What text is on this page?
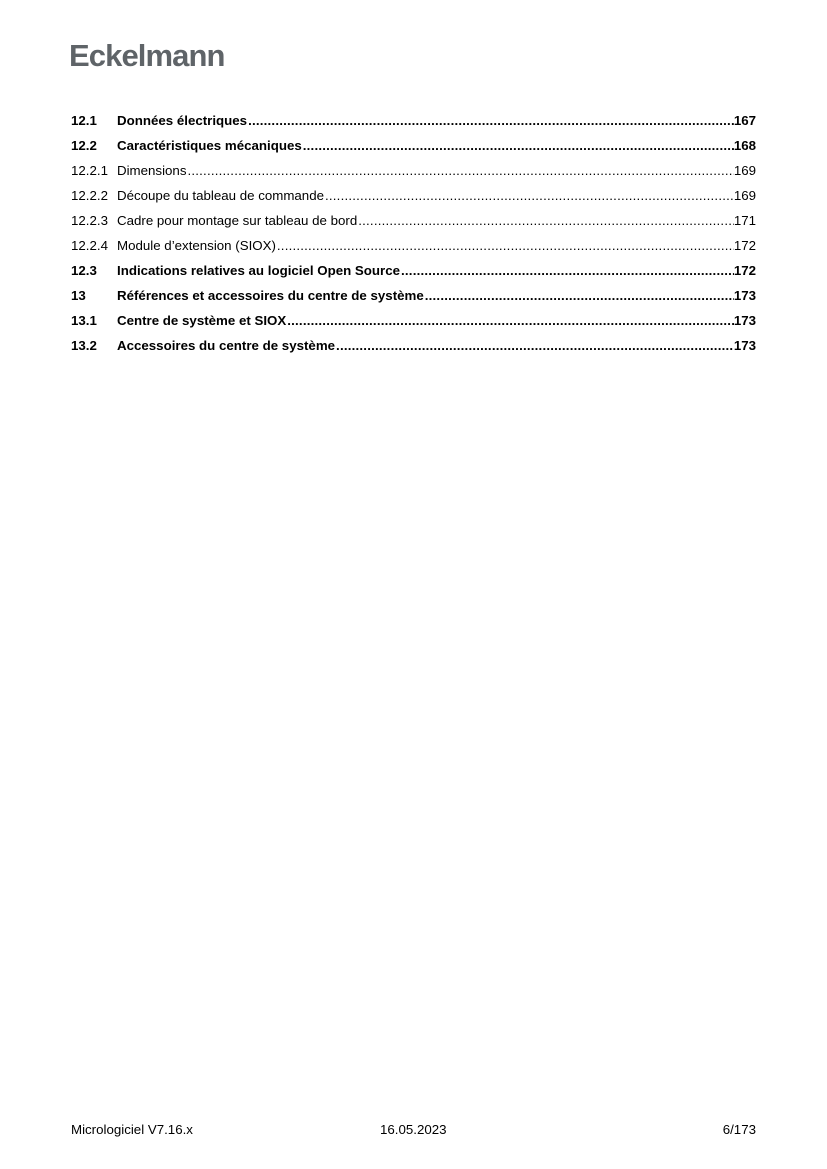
Eckelmann
12.1	Données électriques .....	167
12.2	Caractéristiques mécaniques .....	168
12.2.1 Dimensions .....	169
12.2.2 Découpe du tableau de commande .....	169
12.2.3 Cadre pour montage sur tableau de bord .....	171
12.2.4 Module d’extension (SIOX) .....	172
12.3	Indications relatives au logiciel Open Source .....	172
13	Références et accessoires du centre de système .....	173
13.1	Centre de système et SIOX .....	173
13.2	Accessoires du centre de système .....	173
Micrologiciel V7.16.x	16.05.2023	6/173
